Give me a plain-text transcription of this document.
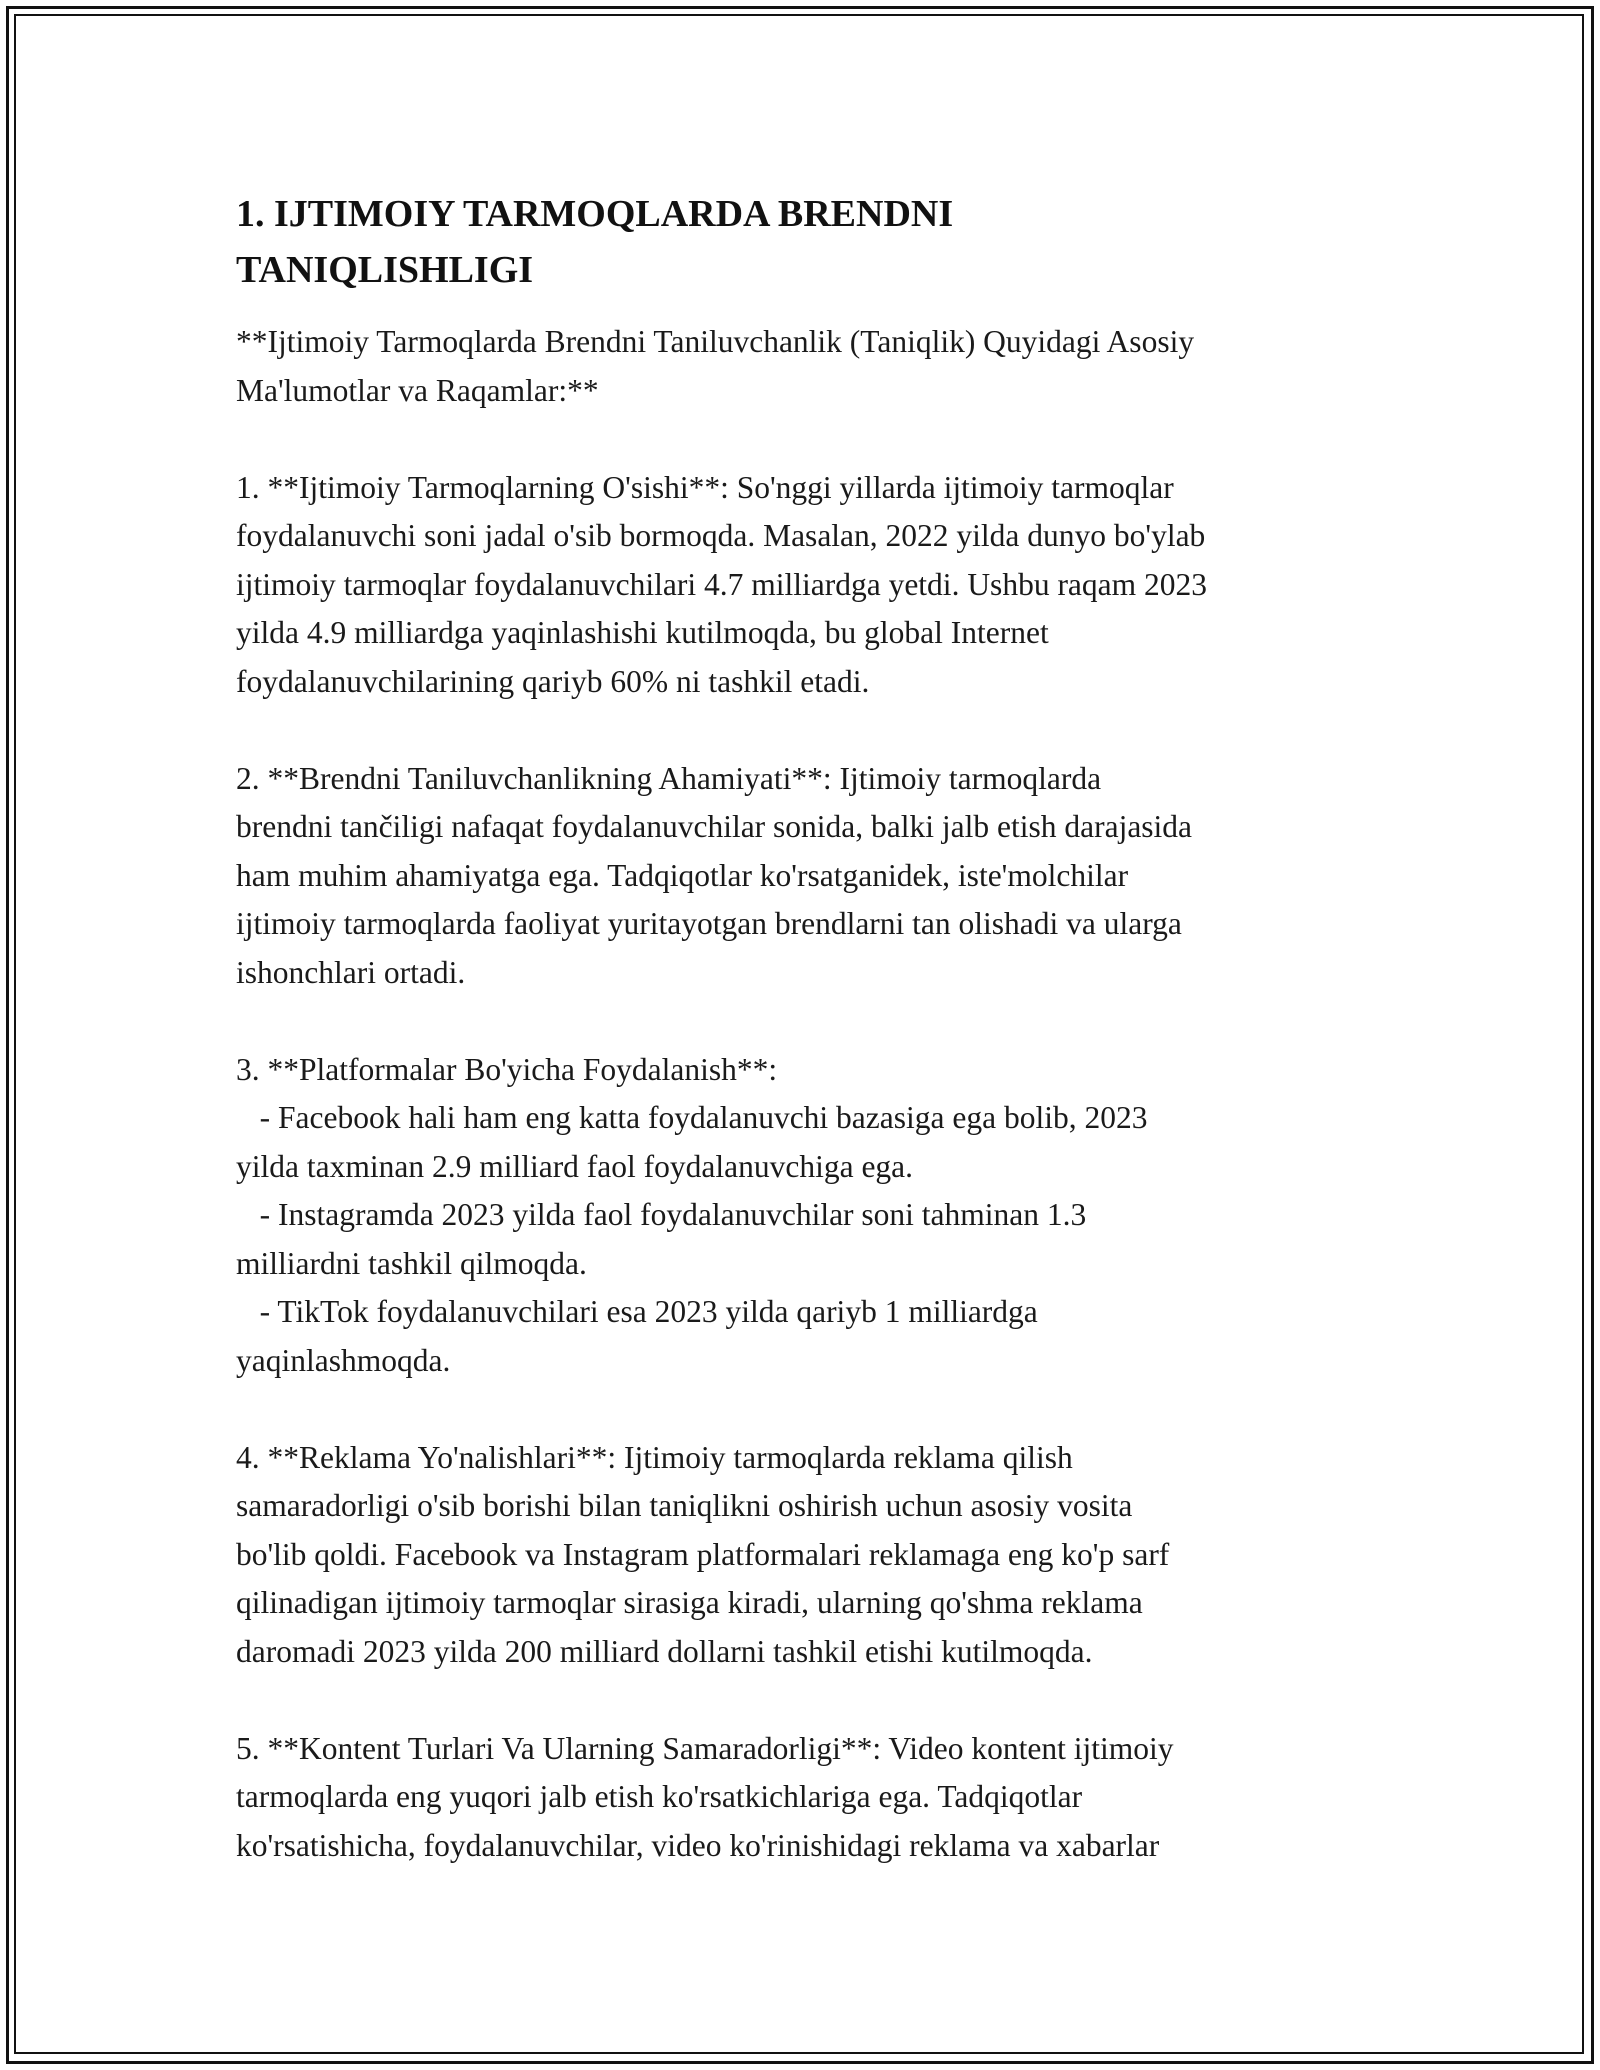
1. IJTIMOIY TARMOQLARDA BRENDNI
TANIQLISHLIGI

**Ijtimoiy Tarmoqlarda Brendni Taniluvchanlik (Taniqlik) Quyidagi Asosiy
Ma'lumotlar va Raqamlar:**

1. **Ijtimoiy Tarmoqlarning O'sishi**: So'nggi yillarda ijtimoiy tarmoqlar
foydalanuvchi soni jadal o'sib bormoqda. Masalan, 2022 yilda dunyo bo'ylab
ijtimoiy tarmoqlar foydalanuvchilari 4.7 milliardga yetdi. Ushbu raqam 2023
yilda 4.9 milliardga yaqinlashishi kutilmoqda, bu global Internet
foydalanuvchilarining qariyb 60% ni tashkil etadi.

2. **Brendni Taniluvchanlikning Ahamiyati**: Ijtimoiy tarmoqlarda
brendni tančiligi nafaqat foydalanuvchilar sonida, balki jalb etish darajasida
ham muhim ahamiyatga ega. Tadqiqotlar ko'rsatganidek, iste'molchilar
ijtimoiy tarmoqlarda faoliyat yuritayotgan brendlarni tan olishadi va ularga
ishonchlari ortadi.

3. **Platformalar Bo'yicha Foydalanish**:
- Facebook hali ham eng katta foydalanuvchi bazasiga ega bolib, 2023
yilda taxminan 2.9 milliard faol foydalanuvchiga ega.
- Instagramda 2023 yilda faol foydalanuvchilar soni tahminan 1.3
milliardni tashkil qilmoqda.
- TikTok foydalanuvchilari esa 2023 yilda qariyb 1 milliardga
yaqinlashmoqda.

4. **Reklama Yo'nalishlari**: Ijtimoiy tarmoqlarda reklama qilish
samaradorligi o'sib borishi bilan taniqlikni oshirish uchun asosiy vosita
bo'lib qoldi. Facebook va Instagram platformalari reklamaga eng ko'p sarf
qilinadigan ijtimoiy tarmoqlar sirasiga kiradi, ularning qo'shma reklama
daromadi 2023 yilda 200 milliard dollarni tashkil etishi kutilmoqda.

5. **Kontent Turlari Va Ularning Samaradorligi**: Video kontent ijtimoiy
tarmoqlarda eng yuqori jalb etish ko'rsatkichlariga ega. Tadqiqotlar
ko'rsatishicha, foydalanuvchilar, video ko'rinishidagi reklama va xabarlar
